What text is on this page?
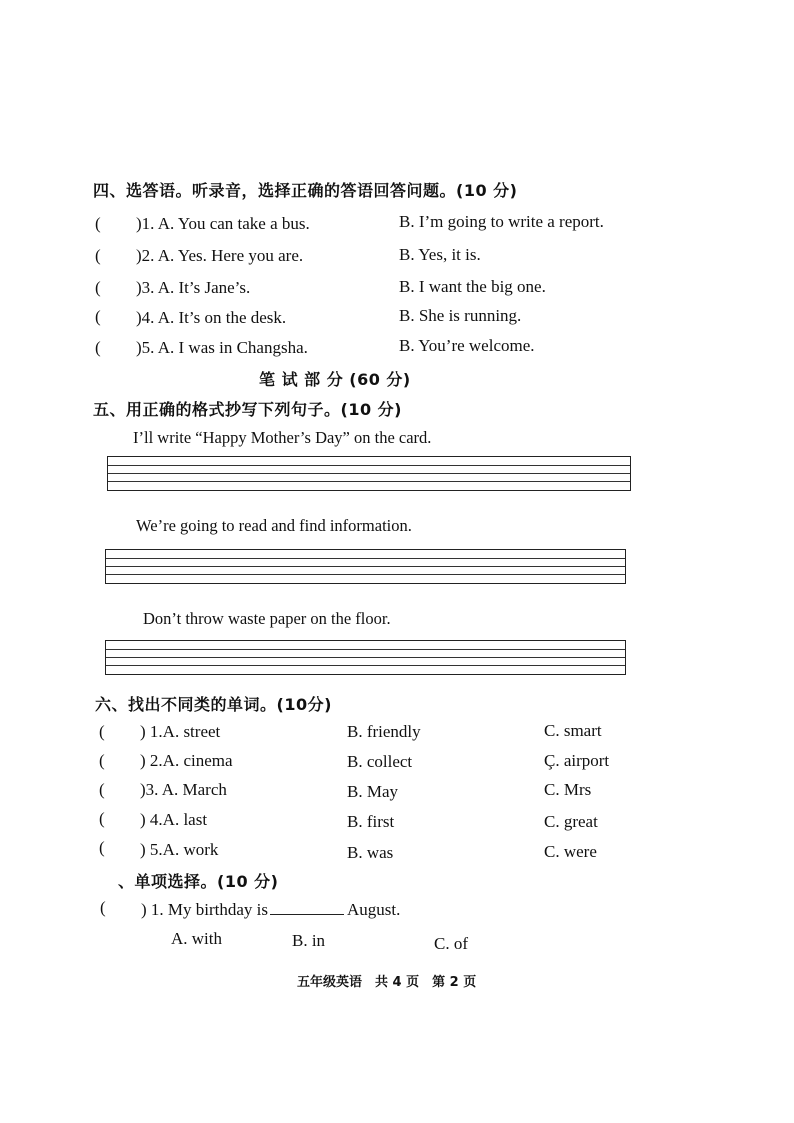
四、选答语。听录音，选择正确的答语回答问题。(10 分)
( )1. A. You can take a bus.	B. I’m going to write a report.
( )2. A. Yes. Here you are.	B. Yes, it is.
( )3. A. It’s Jane’s.	B. I want the big one.
( )4. A. It’s on the desk.	B. She is running.
( )5. A. I was in Changsha.	B. You’re welcome.
笔 试 部 分 (60 分)
五、用正确的格式抄写下列句子。(10 分)
I’ll write “Happy Mother’s Day” on the card.
We’re going to read and find information.
Don’t throw waste paper on the floor.
六、找出不同类的单词。(10分)
( ) 1.A. street	B. friendly	C. smart
( ) 2.A. cinema	B. collect	Ç. airport
( )3. A. March	B. May	C. Mrs
( ) 4.A. last	B. first	C. great
( ) 5.A. work	B. was	C. were
、单项选择。(10 分)
( ) 1. My birthday is	August.
A. with	B. in	C. of
五年级英语　共 4 页　第 2 页
